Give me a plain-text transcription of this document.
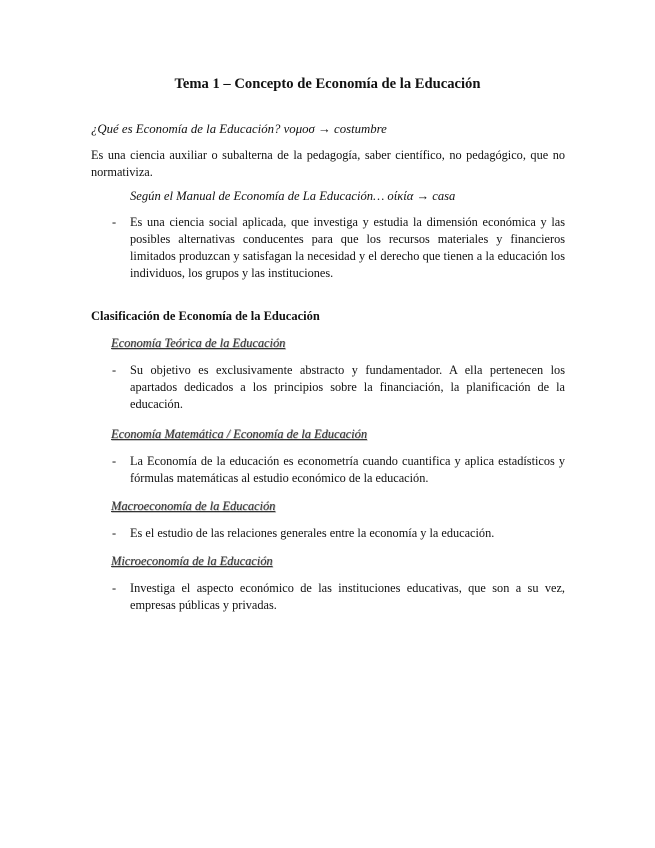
Tema 1 – Concepto de Economía de la Educación
¿Qué es Economía de la Educación? νομοσ → costumbre
Es una ciencia auxiliar o subalterna de la pedagogía, saber científico, no pedagógico, que no normativiza.
Según el Manual de Economía de La Educación… οίκία → casa
- Es una ciencia social aplicada, que investiga y estudia la dimensión económica y las posibles alternativas conducentes para que los recursos materiales y financieros limitados produzcan y satisfagan la necesidad y el derecho que tienen a la educación los individuos, los grupos y las instituciones.
Clasificación de Economía de la Educación
Economía Teórica de la Educación
- Su objetivo es exclusivamente abstracto y fundamentador. A ella pertenecen los apartados dedicados a los principios sobre la financiación, la planificación de la educación.
Economía Matemática / Economía de la Educación
- La Economía de la educación es econometría cuando cuantifica y aplica estadísticos y fórmulas matemáticas al estudio económico de la educación.
Macroeconomía de la Educación
- Es el estudio de las relaciones generales entre la economía y la educación.
Microeconomía de la Educación
- Investiga el aspecto económico de las instituciones educativas, que son a su vez, empresas públicas y privadas.
